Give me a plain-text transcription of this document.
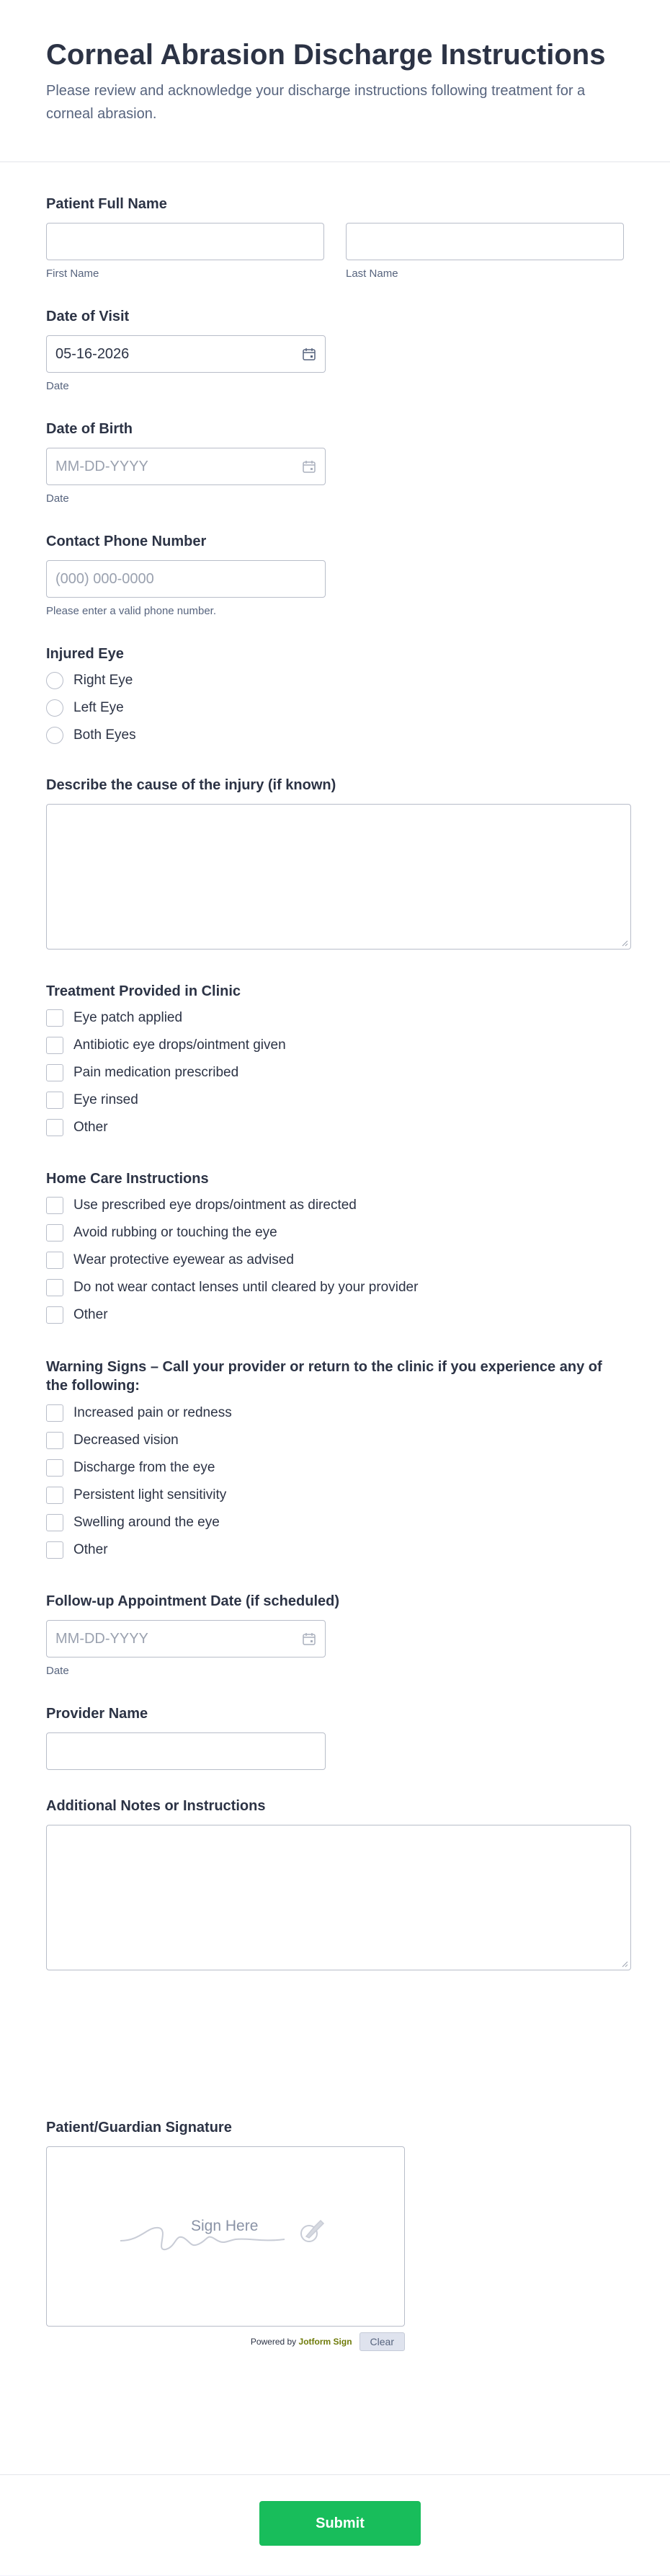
Corneal Abrasion Discharge Instructions

Please review and acknowledge your discharge instructions following treatment for a corneal abrasion.

Patient Full Name
First Name	Last Name
Date of Visit
05-16-2026
Date
Date of Birth
MM-DD-YYYY
Date
Contact Phone Number
(000) 000-0000
Please enter a valid phone number.
Injured Eye
Right Eye
Left Eye
Both Eyes
Describe the cause of the injury (if known)
Treatment Provided in Clinic
Eye patch applied
Antibiotic eye drops/ointment given
Pain medication prescribed
Eye rinsed
Other
Home Care Instructions
Use prescribed eye drops/ointment as directed
Avoid rubbing or touching the eye
Wear protective eyewear as advised
Do not wear contact lenses until cleared by your provider
Other
Warning Signs – Call your provider or return to the clinic if you experience any of the following:
Increased pain or redness
Decreased vision
Discharge from the eye
Persistent light sensitivity
Swelling around the eye
Other
Follow-up Appointment Date (if scheduled)
MM-DD-YYYY
Date
Provider Name
Additional Notes or Instructions
Patient/Guardian Signature
Sign Here
Powered by Jotform Sign	Clear
Submit
